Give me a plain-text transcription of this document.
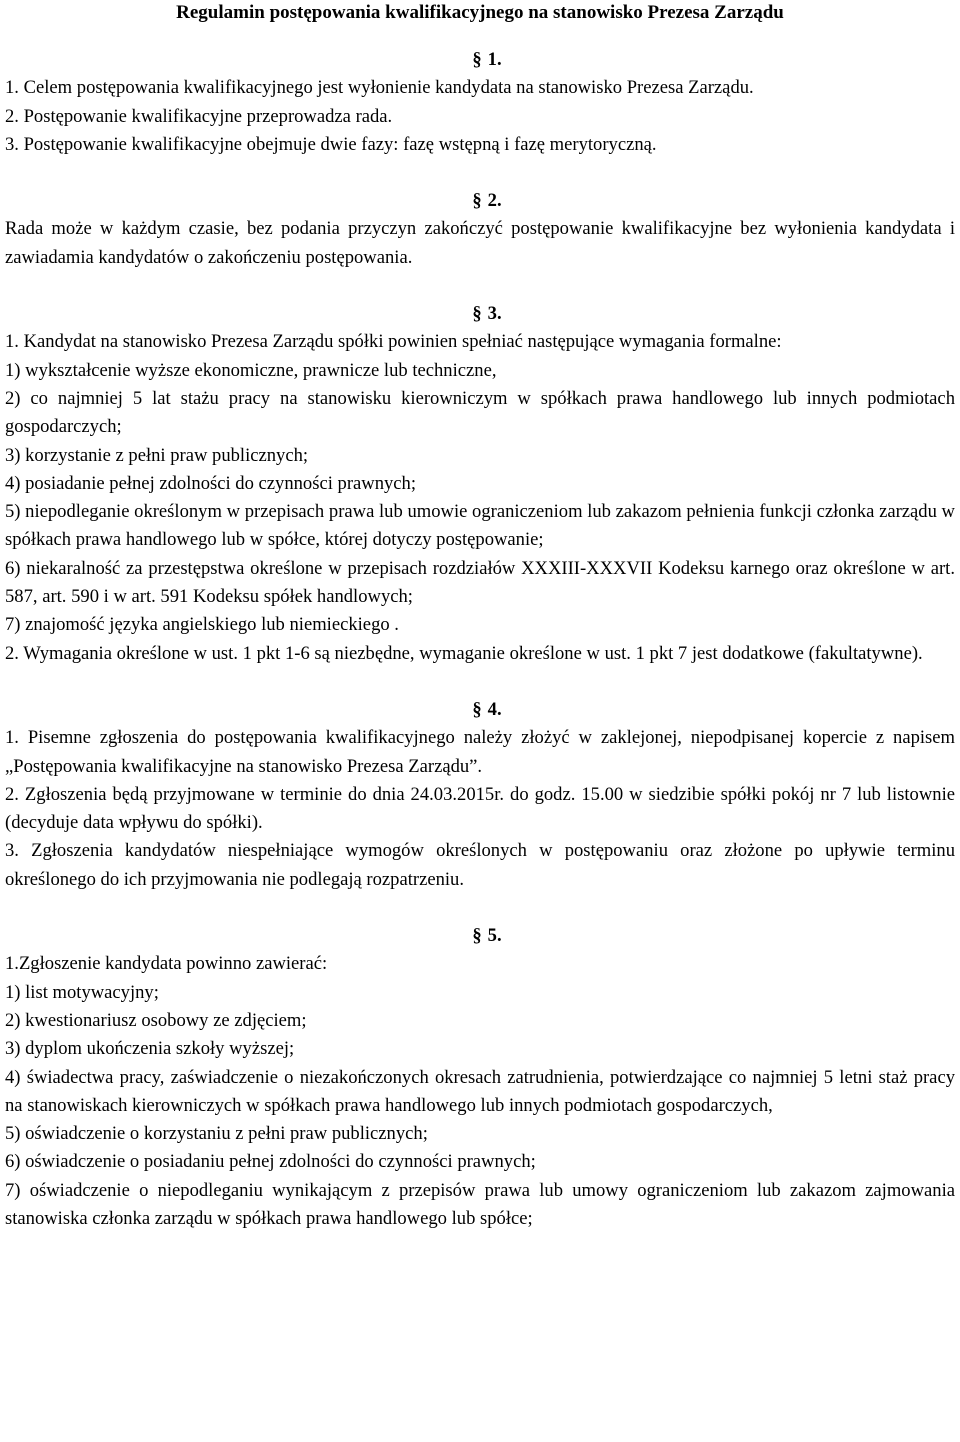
Regulamin postępowania kwalifikacyjnego na stanowisko Prezesa Zarządu
§ 1.

1. Celem postępowania kwalifikacyjnego jest wyłonienie kandydata na stanowisko Prezesa Zarządu.

2. Postępowanie kwalifikacyjne przeprowadza rada.

3. Postępowanie kwalifikacyjne obejmuje dwie fazy: fazę wstępną i fazę merytoryczną.

§ 2.

Rada może w każdym czasie, bez podania przyczyn zakończyć postępowanie kwalifikacyjne bez wyłonienia kandydata i zawiadamia kandydatów o zakończeniu postępowania.

§ 3.

1. Kandydat na stanowisko Prezesa Zarządu spółki powinien spełniać następujące wymagania formalne:

1) wykształcenie wyższe ekonomiczne, prawnicze lub techniczne,

2) co najmniej 5 lat stażu pracy na stanowisku kierowniczym w spółkach prawa handlowego lub innych podmiotach gospodarczych;

3) korzystanie z pełni praw publicznych;

4) posiadanie pełnej zdolności do czynności prawnych;

5) niepodleganie określonym w przepisach prawa lub umowie ograniczeniom lub zakazom pełnienia funkcji członka zarządu w spółkach prawa handlowego lub w spółce, której dotyczy postępowanie;

6) niekaralność za przestępstwa określone w przepisach rozdziałów XXXIII-XXXVII Kodeksu karnego oraz określone w art. 587, art. 590 i w art. 591 Kodeksu spółek handlowych;

7) znajomość języka angielskiego lub niemieckiego .

2. Wymagania określone w ust. 1 pkt 1-6 są niezbędne, wymaganie określone w ust. 1 pkt 7 jest dodatkowe (fakultatywne).

§ 4.

1. Pisemne zgłoszenia do postępowania kwalifikacyjnego należy złożyć w zaklejonej, niepodpisanej kopercie z napisem „Postępowania kwalifikacyjne na stanowisko Prezesa Zarządu”.

2. Zgłoszenia będą przyjmowane w terminie do dnia 24.03.2015r. do godz. 15.00 w siedzibie spółki pokój nr 7 lub listownie (decyduje data wpływu do spółki).

3. Zgłoszenia kandydatów niespełniające wymogów określonych w postępowaniu oraz złożone po upływie terminu określonego do ich przyjmowania nie podlegają rozpatrzeniu.

§ 5.

1.Zgłoszenie kandydata powinno zawierać:

1) list motywacyjny;

2) kwestionariusz osobowy ze zdjęciem;

3) dyplom ukończenia szkoły wyższej;

4) świadectwa pracy, zaświadczenie o niezakończonych okresach zatrudnienia, potwierdzające co najmniej 5 letni staż pracy na stanowiskach kierowniczych w spółkach prawa handlowego lub innych podmiotach gospodarczych,

5) oświadczenie o korzystaniu z pełni praw publicznych;

6) oświadczenie o posiadaniu pełnej zdolności do czynności prawnych;

7) oświadczenie o niepodleganiu wynikającym z przepisów prawa lub umowy ograniczeniom lub zakazom zajmowania stanowiska członka zarządu w spółkach prawa handlowego lub spółce;
